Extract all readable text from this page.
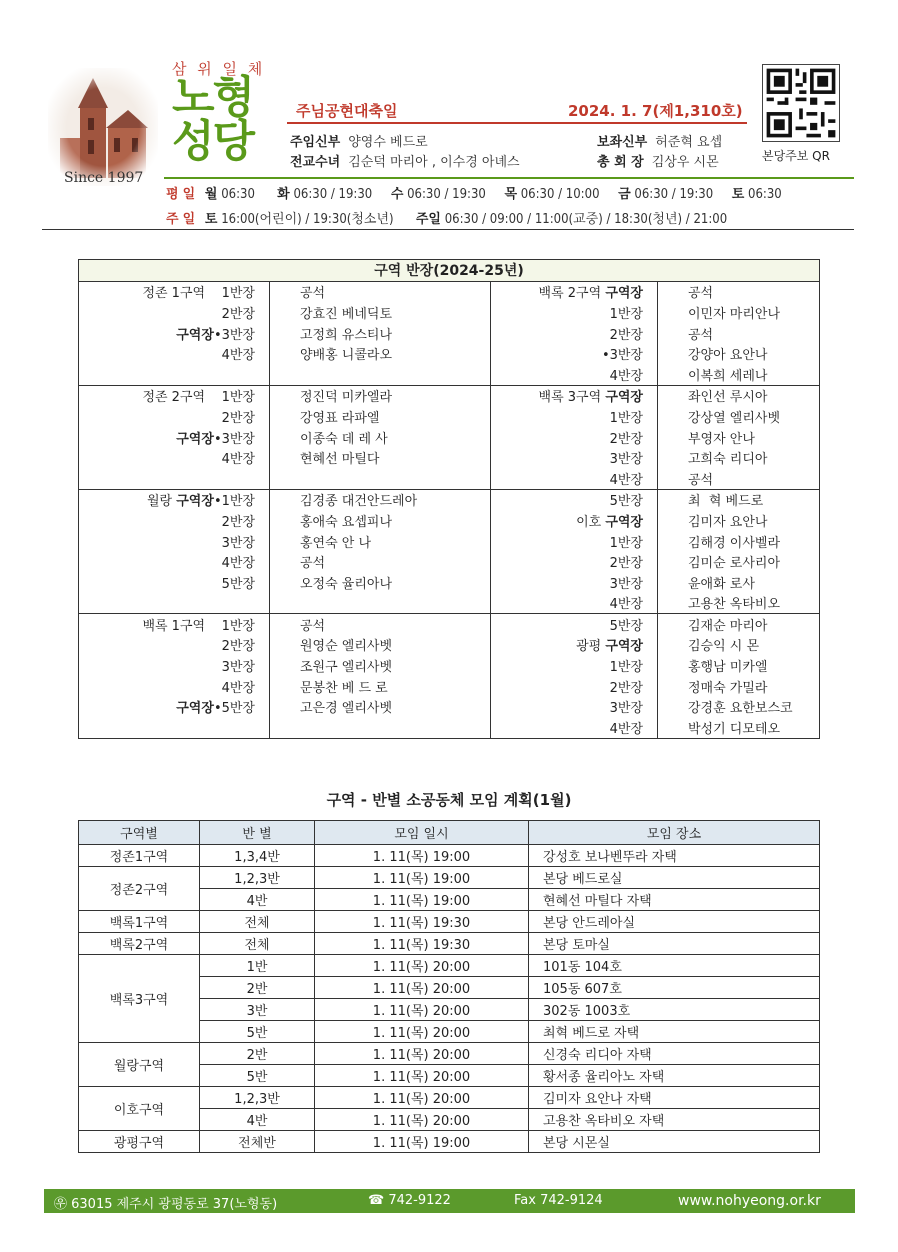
Since 1997
삼 위 일 체
노형
성당
주님공현대축일	2024. 1. 7(제1,310호)
주임신부 양영수 베드로	보좌신부 허준혁 요셉
전교수녀 김순덕 마리아 , 이수경 아녜스	총 회 장 김상우 시몬	본당주보 QR
평 일 월 06:30 화 06:30 / 19:30 수 06:30 / 19:30 목 06:30 / 10:00 금 06:30 / 19:30 토 06:30
주 일 토 16:00(어린이) / 19:30(청소년) 주일 06:30 / 09:00 / 11:00(교중) / 18:30(청년) / 21:00
구역 반장(2024-25년)			
정존 1구역    1반장	공석	백록 2구역 구역장	공석
2반장	강효진 베네딕토	1반장	이민자 마리안나
구역장•3반장	고정희 유스티나	2반장	공석
4반장	양배홍 니콜라오	•3반장	강양아 요안나
		4반장	이복희 세레나
정존 2구역    1반장	정진덕 미카엘라	백록 3구역 구역장	좌인선 루시아
2반장	강영표 라파엘	1반장	강상열 엘리사벳
구역장•3반장	이종숙 데 레 사	2반장	부영자 안나
4반장	현혜선 마틸다	3반장	고희숙 리디아
		4반장	공석
월랑 구역장•1반장	김경종 대건안드레아	5반장	최  혁 베드로
2반장	홍애숙 요셉피나	이호 구역장	김미자 요안나
3반장	홍연숙 안 나	1반장	김해경 이사벨라
4반장	공석	2반장	김미순 로사리아
5반장	오정숙 율리아나	3반장	윤애화 로사
		4반장	고용찬 옥타비오
백록 1구역    1반장	공석	5반장	김재순 마리아
2반장	원영순 엘리사벳	광평 구역장	김승익 시 몬
3반장	조원구 엘리사벳	1반장	홍행남 미카엘
4반장	문봉찬 베 드 로	2반장	정매숙 가밀라
구역장•5반장	고은경 엘리사벳	3반장	강경훈 요한보스코
		4반장	박성기 디모테오
구역 - 반별 소공동체 모임 계획(1월)
구역별	반 별	모임 일시	모임 장소
정존1구역	1,3,4반	1. 11(목) 19:00	강성호 보나벤뚜라 자택
정존2구역	1,2,3반	1. 11(목) 19:00	본당 베드로실
	4반	1. 11(목) 19:00	현혜선 마틸다 자택
백록1구역	전체	1. 11(목) 19:30	본당 안드레아실
백록2구역	전체	1. 11(목) 19:30	본당 토마실
백록3구역	1반	1. 11(목) 20:00	101동 104호
	2반	1. 11(목) 20:00	105동 607호
	3반	1. 11(목) 20:00	302동 1003호
	5반	1. 11(목) 20:00	최혁 베드로 자택
월랑구역	2반	1. 11(목) 20:00	신경숙 리디아 자택
	5반	1. 11(목) 20:00	황서종 율리아노 자택
이호구역	1,2,3반	1. 11(목) 20:00	김미자 요안나 자택
	4반	1. 11(목) 20:00	고용찬 옥타비오 자택
광평구역	전체반	1. 11(목) 19:00	본당 시몬실
㉾ 63015 제주시 광평동로 37(노형동)	☎ 742-9122	Fax 742-9124	www.nohyeong.or.kr
